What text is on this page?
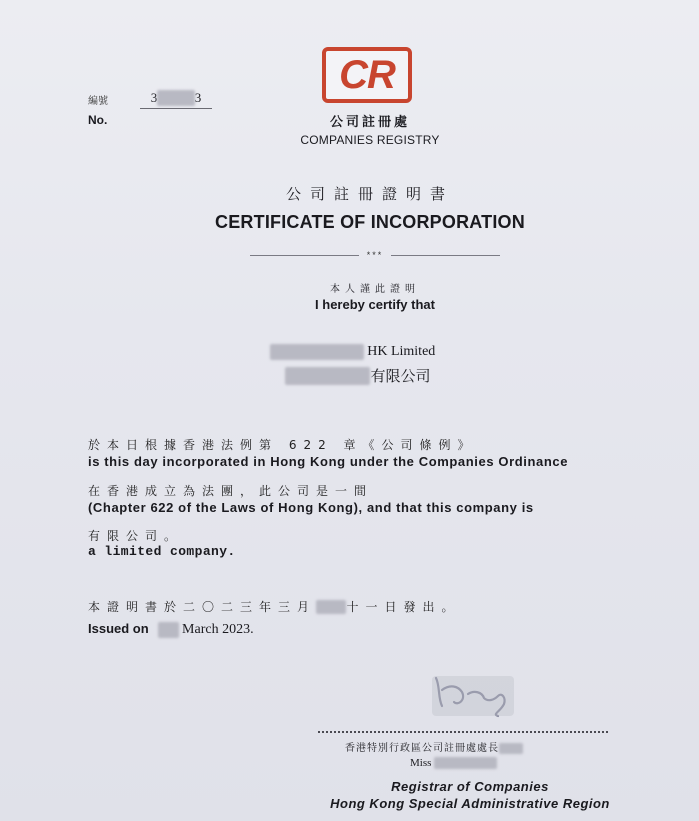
編號
No.
3	3
CR
公司註冊處
COMPANIES REGISTRY
公司註冊證明書
CERTIFICATE OF INCORPORATION
***
本人謹此證明
I hereby certify that
HK Limited
有限公司
於本日根據香港法例第 622 章《公司條例》
is this day incorporated in Hong Kong under the Companies Ordinance
在香港成立為法團，此公司是一間
(Chapter 622 of the Laws of Hong Kong), and that this company is
有限公司。
a limited company.
本證明書於二〇二三年三月	十一日發出。
Issued on March 2023.
香港特別行政區公司註冊處處長
Miss
Registrar of Companies
Hong Kong Special Administrative Region
